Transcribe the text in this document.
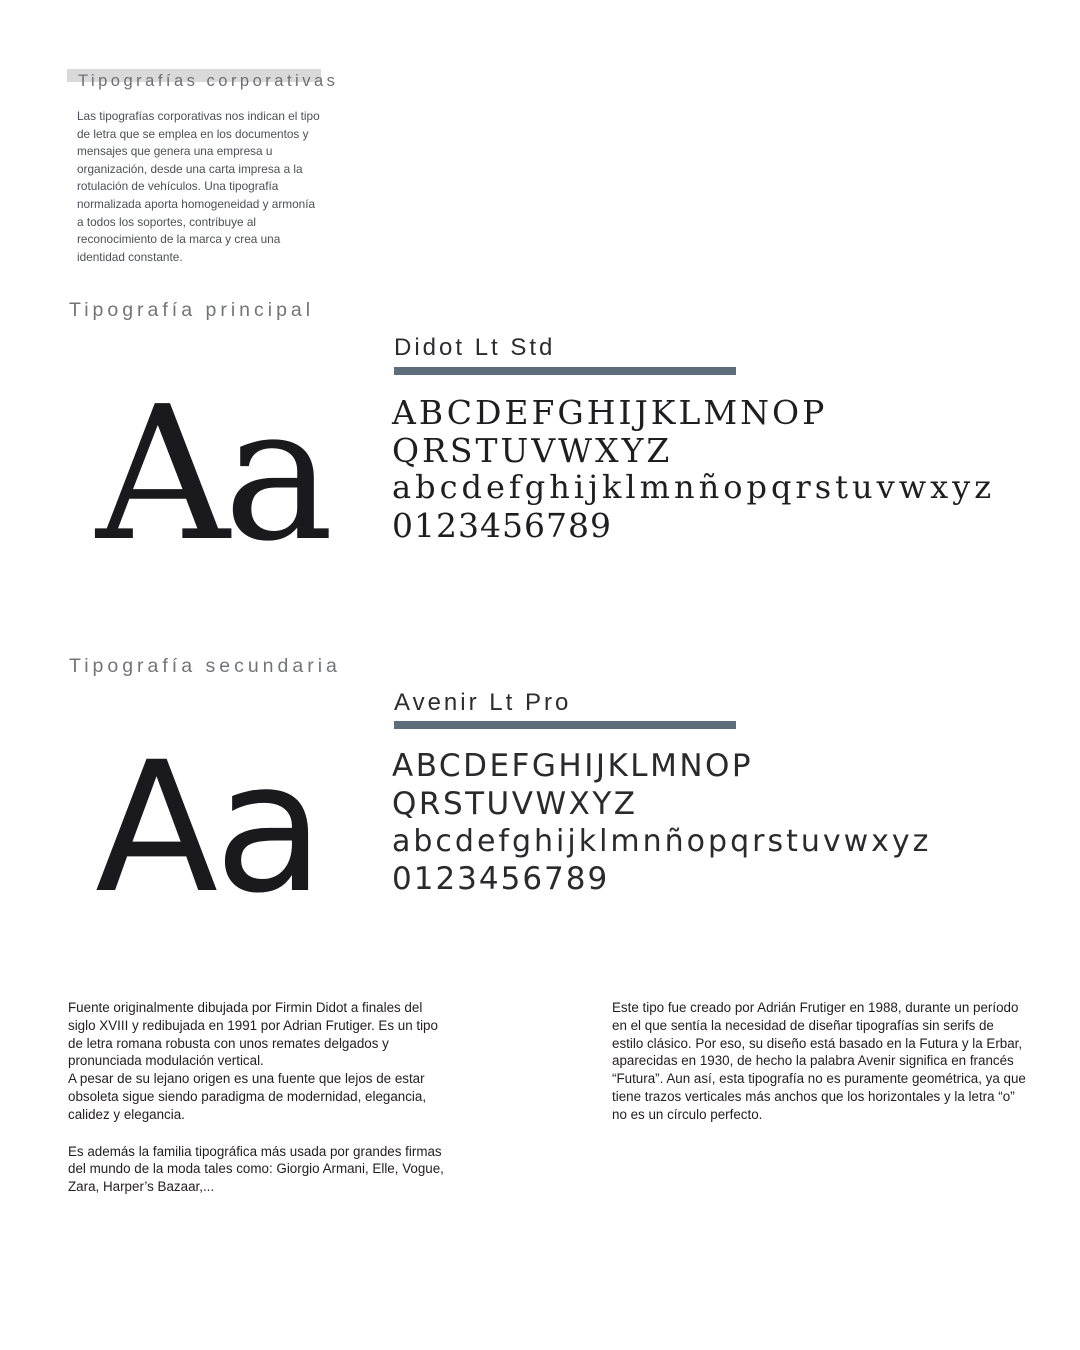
Tipografías corporativas
Las tipografías corporativas nos indican el tipo de letra que se emplea en los documentos y mensajes que genera una empresa u organización, desde una carta impresa a la rotulación de vehículos. Una tipografía normalizada aporta homogeneidad y armonía a todos los soportes, contribuye al reconocimiento de la marca y crea una identidad constante.
Tipografía principal
Didot Lt Std
Aa ABCDEFGHIJKLMNOP
QRSTUVWXYZ
abcdefghijklmnñopqrstuvwxyz
0123456789
Tipografía secundaria
Avenir Lt Pro
Aa ABCDEFGHIJKLMNOP
QRSTUVWXYZ
abcdefghijklmnñopqrstuvwxyz
0123456789

Fuente originalmente dibujada por Firmin Didot a finales del siglo XVIII y redibujada en 1991 por Adrian Frutiger. Es un tipo de letra romana robusta con unos remates delgados y pronunciada modulación vertical.

A pesar de su lejano origen es una fuente que lejos de estar obsoleta sigue siendo paradigma de modernidad, elegancia, calidez y elegancia.

Es además la familia tipográfica más usada por grandes firmas del mundo de la moda tales como: Giorgio Armani, Elle, Vogue, Zara, Harper’s Bazaar,...

Este tipo fue creado por Adrián Frutiger en 1988, durante un período en el que sentía la necesidad de diseñar tipografías sin serifs de estilo clásico. Por eso, su diseño está basado en la Futura y la Erbar, aparecidas en 1930, de hecho la palabra Avenir significa en francés “Futura”. Aun así, esta tipografía no es puramente geométrica, ya que tiene trazos verticales más anchos que los horizontales y la letra “o” no es un círculo perfecto.
